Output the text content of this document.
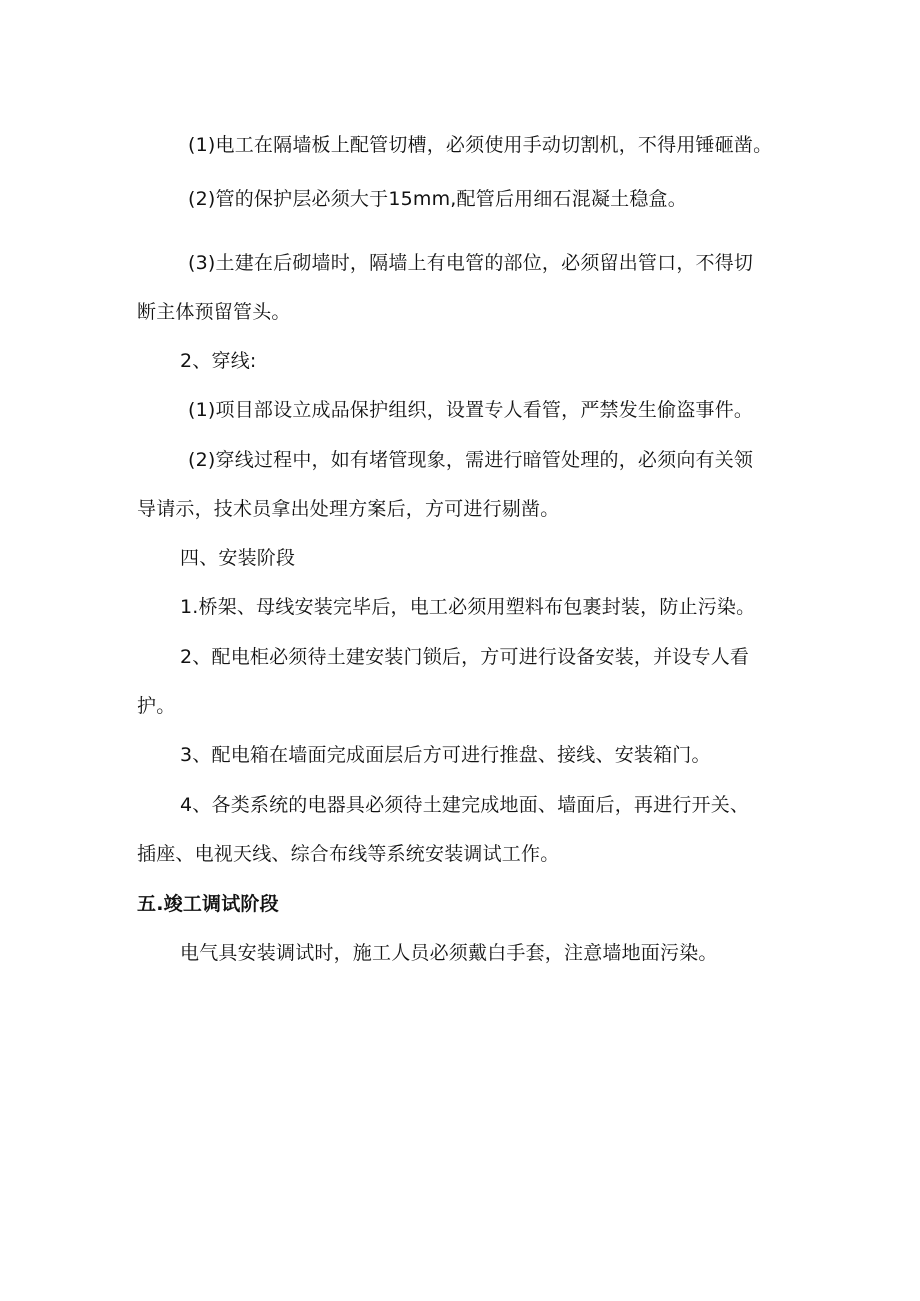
(1)电工在隔墙板上配管切槽，必须使用手动切割机，不得用锤砸凿。
(2)管的保护层必须大于15mm,配管后用细石混凝土稳盒。
(3)土建在后砌墙时，隔墙上有电管的部位，必须留出管口，不得切
断主体预留管头。
2、穿线:
(1)项目部设立成品保护组织，设置专人看管，严禁发生偷盗事件。
(2)穿线过程中，如有堵管现象，需进行暗管处理的，必须向有关领
导请示，技术员拿出处理方案后，方可进行剔凿。
四、安装阶段
1.桥架、母线安装完毕后，电工必须用塑料布包裹封装，防止污染。
2、配电柜必须待土建安装门锁后，方可进行设备安装，并设专人看
护。
3、配电箱在墙面完成面层后方可进行推盘、接线、安装箱门。
4、各类系统的电器具必须待土建完成地面、墙面后，再进行开关、
插座、电视天线、综合布线等系统安装调试工作。
五.竣工调试阶段
电气具安装调试时，施工人员必须戴白手套，注意墙地面污染。
